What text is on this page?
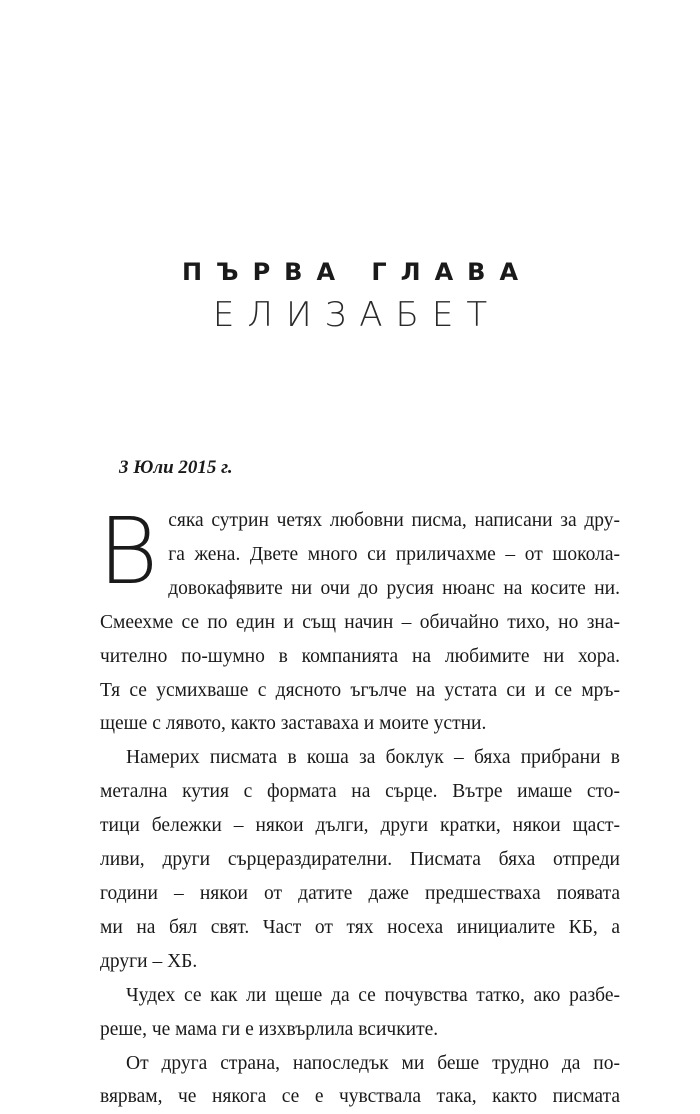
ПЪРВА ГЛАВА
ЕЛИЗАБЕТ
3 Юли 2015 г.
В сяка сутрин четях любовни писма, написани за дру-
га жена. Двете много си приличахме – от шокола-
довокафявите ни очи до русия нюанс на косите ни.
Смеехме се по един и същ начин – обичайно тихо, но зна-
чително по-шумно в компанията на любимите ни хора.
Тя се усмихваше с дясното ъгълче на устата си и се мръ-
щеше с лявото, както заставаха и моите устни.
Намерих писмата в коша за боклук – бяха прибрани в
метална кутия с формата на сърце. Вътре имаше сто-
тици бележки – някои дълги, други кратки, някои щаст-
ливи, други сърцераздирателни. Писмата бяха отпреди
години – някои от датите даже предшестваха появата
ми на бял свят. Част от тях носеха инициалите КБ, а
други – ХБ.
Чудех се как ли щеше да се почувства татко, ако разбе-
реше, че мама ги е изхвърлила всичките.
От друга страна, напоследък ми беше трудно да по-
вярвам, че някога се е чувствала така, както писмата
